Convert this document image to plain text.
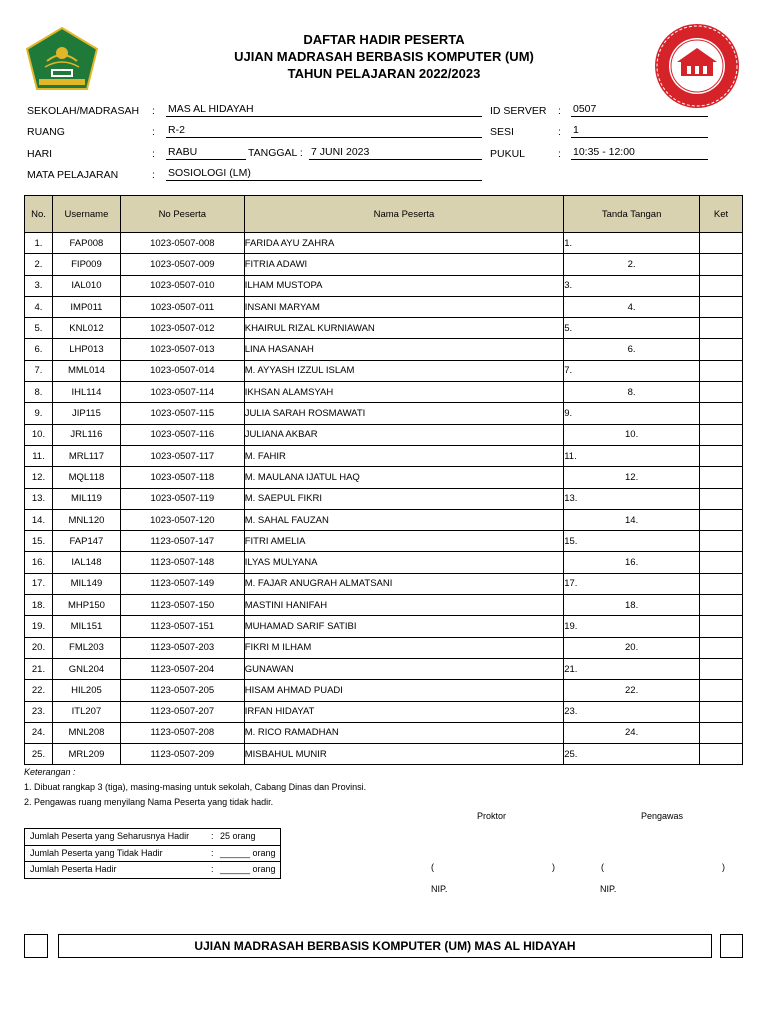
DAFTAR HADIR PESERTA
UJIAN MADRASAH BERBASIS KOMPUTER (UM)
TAHUN PELAJARAN 2022/2023
SEKOLAH/MADRASAH : MAS AL HIDAYAH
RUANG	: R-2
HARI	: RABU	TANGGAL : 7 JUNI 2023
MATA PELAJARAN	: SOSIOLOGI (LM)
ID SERVER : 0507
SESI	: 1
PUKUL	: 10:35 - 12:00
No.	Username	No Peserta	Nama Peserta	Tanda Tangan	Ket
1.	FAP008	1023-0507-008	FARIDA AYU ZAHRA	1.	
2.	FIP009	1023-0507-009	FITRIA ADAWI	2.	
3.	IAL010	1023-0507-010	ILHAM MUSTOPA	3.	
4.	IMP011	1023-0507-011	INSANI MARYAM	4.	
5.	KNL012	1023-0507-012	KHAIRUL RIZAL KURNIAWAN	5.	
6.	LHP013	1023-0507-013	LINA HASANAH	6.	
7.	MML014	1023-0507-014	M. AYYASH IZZUL ISLAM	7.	
8.	IHL114	1023-0507-114	IKHSAN ALAMSYAH	8.	
9.	JIP115	1023-0507-115	JULIA SARAH ROSMAWATI	9.	
10.	JRL116	1023-0507-116	JULIANA AKBAR	10.	
11.	MRL117	1023-0507-117	M. FAHIR	11.	
12.	MQL118	1023-0507-118	M. MAULANA IJATUL HAQ	12.	
13.	MIL119	1023-0507-119	M. SAEPUL FIKRI	13.	
14.	MNL120	1023-0507-120	M. SAHAL FAUZAN	14.	
15.	FAP147	1123-0507-147	FITRI AMELIA	15.	
16.	IAL148	1123-0507-148	ILYAS MULYANA	16.	
17.	MIL149	1123-0507-149	M. FAJAR ANUGRAH ALMATSANI	17.	
18.	MHP150	1123-0507-150	MASTINI HANIFAH	18.	
19.	MIL151	1123-0507-151	MUHAMAD SARIF SATIBI	19.	
20.	FML203	1123-0507-203	FIKRI M ILHAM	20.	
21.	GNL204	1123-0507-204	GUNAWAN	21.	
22.	HIL205	1123-0507-205	HISAM AHMAD PUADI	22.	
23.	ITL207	1123-0507-207	IRFAN HIDAYAT	23.	
24.	MNL208	1123-0507-208	M. RICO RAMADHAN	24.	
25.	MRL209	1123-0507-209	MISBAHUL MUNIR	25.	
Keterangan :
1. Dibuat rangkap 3 (tiga), masing-masing untuk sekolah, Cabang Dinas dan Provinsi.
2. Pengawas ruang menyilang Nama Peserta yang tidak hadir.
Jumlah Peserta yang Seharusnya Hadir : 25 orang
Jumlah Peserta yang Tidak Hadir	: ______ orang
Jumlah Peserta Hadir	: ______ orang
Proktor	Pengawas
(	)	(	)
NIP.	NIP.
UJIAN MADRASAH BERBASIS KOMPUTER (UM) MAS AL HIDAYAH
